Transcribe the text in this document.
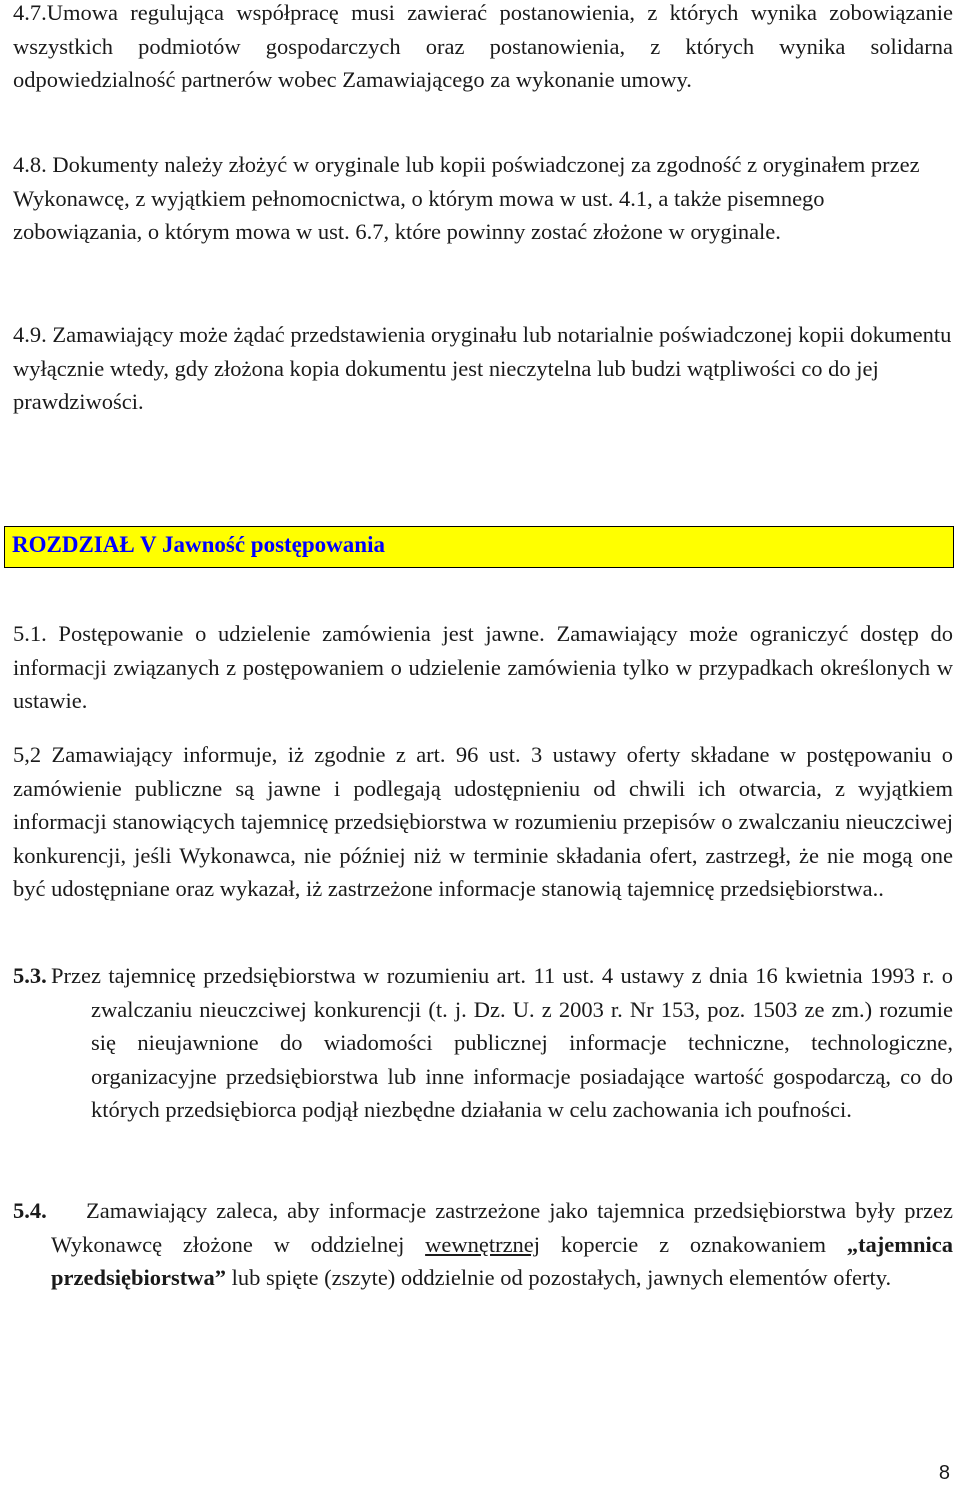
4.7.Umowa regulująca współpracę musi zawierać postanowienia, z których wynika zobowiązanie wszystkich podmiotów gospodarczych oraz postanowienia, z których wynika solidarna odpowiedzialność partnerów wobec Zamawiającego za wykonanie umowy.

4.8. Dokumenty należy złożyć w oryginale lub kopii poświadczonej za zgodność z oryginałem przez Wykonawcę, z wyjątkiem pełnomocnictwa, o którym mowa w ust. 4.1, a także pisemnego zobowiązania, o którym mowa w ust. 6.7, które powinny zostać złożone w oryginale.

4.9. Zamawiający może żądać przedstawienia oryginału lub notarialnie poświadczonej kopii dokumentu wyłącznie wtedy, gdy złożona kopia dokumentu jest nieczytelna lub budzi wątpliwości co do jej prawdziwości.

ROZDZIAŁ V Jawność postępowania

5.1. Postępowanie o udzielenie zamówienia jest jawne. Zamawiający może ograniczyć dostęp do informacji związanych z postępowaniem o udzielenie zamówienia tylko w przypadkach określonych w ustawie.

5,2 Zamawiający informuje, iż zgodnie z art. 96 ust. 3 ustawy oferty składane w postępowaniu o zamówienie publiczne są jawne i podlegają udostępnieniu od chwili ich otwarcia, z wyjątkiem informacji stanowiących tajemnicę przedsiębiorstwa w rozumieniu przepisów o zwalczaniu nieuczciwej konkurencji, jeśli Wykonawca, nie później niż w terminie składania ofert, zastrzegł, że nie mogą one być udostępniane oraz wykazał, iż zastrzeżone informacje stanowią tajemnicę przedsiębiorstwa..

5.3. Przez tajemnicę przedsiębiorstwa w rozumieniu art. 11 ust. 4 ustawy z dnia 16 kwietnia 1993 r. o zwalczaniu nieuczciwej konkurencji (t. j. Dz. U. z 2003 r. Nr 153, poz. 1503 ze zm.) rozumie się nieujawnione do wiadomości publicznej informacje techniczne, technologiczne, organizacyjne przedsiębiorstwa lub inne informacje posiadające wartość gospodarczą, co do których przedsiębiorca podjął niezbędne działania w celu zachowania ich poufności.
5.4.	Zamawiający zaleca, aby informacje zastrzeżone jako tajemnica przedsiębiorstwa były przez Wykonawcę złożone w oddzielnej wewnętrznej kopercie z oznakowaniem „tajemnica przedsiębiorstwa” lub spięte (zszyte) oddzielnie od pozostałych, jawnych elementów oferty.
8
